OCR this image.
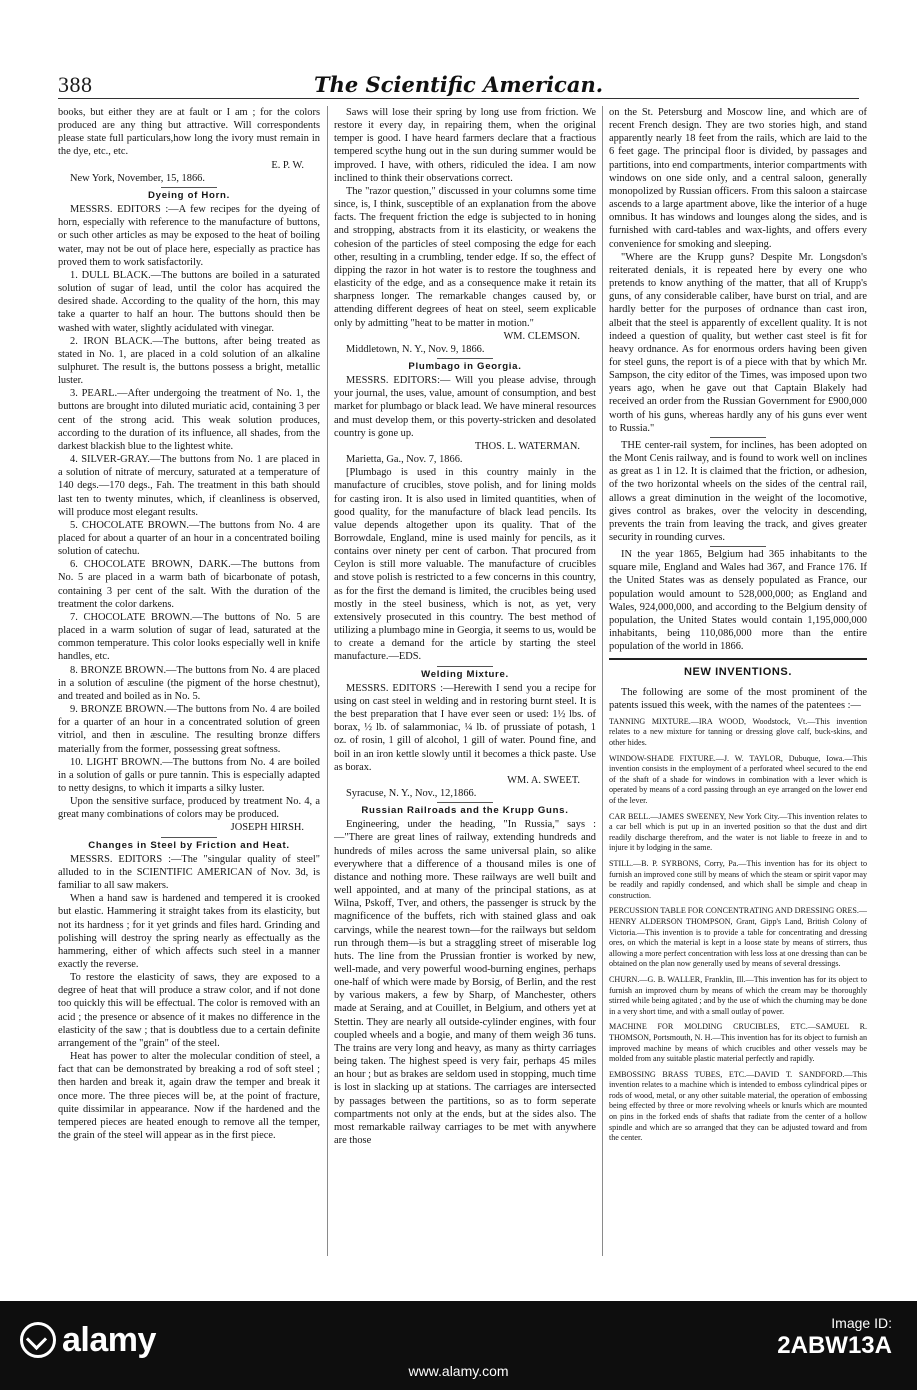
388	The Scientific American.

books, but either they are at fault or I am ; for the colors produced are any thing but attractive. Will correspondents please state full particulars,how long the ivory must remain in the dye, etc., etc.

E. P. W.

New York, November, 15, 1866.

Dyeing of Horn.

MESSRS. EDITORS :—A few recipes for the dyeing of horn, especially with reference to the manufacture of buttons, or such other articles as may be exposed to the heat of boiling water, may not be out of place here, especially as practice has proved them to work satisfactorily.

1. DULL BLACK.—The buttons are boiled in a saturated solution of sugar of lead, until the color has acquired the desired shade. According to the quality of the horn, this may take a quarter to half an hour. The buttons should then be washed with water, slightly acidulated with vinegar.

2. IRON BLACK.—The buttons, after being treated as stated in No. 1, are placed in a cold solution of an alkaline sulphuret. The result is, the buttons possess a bright, metallic luster.

3. PEARL.—After undergoing the treatment of No. 1, the buttons are brought into diluted muriatic acid, containing 3 per cent of the strong acid. This weak solution produces, according to the duration of its influence, all shades, from the darkest blackish blue to the lightest white.

4. SILVER-GRAY.—The buttons from No. 1 are placed in a solution of nitrate of mercury, saturated at a temperature of 140 degs.—170 degs., Fah. The treatment in this bath should last ten to twenty minutes, which, if cleanliness is observed, will produce most elegant results.

5. CHOCOLATE BROWN.—The buttons from No. 4 are placed for about a quarter of an hour in a concentrated boiling solution of catechu.

6. CHOCOLATE BROWN, DARK.—The buttons from No. 5 are placed in a warm bath of bicarbonate of potash, containing 3 per cent of the salt. With the duration of the treatment the color darkens.

7. CHOCOLATE BROWN.—The buttons of No. 5 are placed in a warm solution of sugar of lead, saturated at the common temperature. This color looks especially well in knife handles, etc.

8. BRONZE BROWN.—The buttons from No. 4 are placed in a solution of æsculine (the pigment of the horse chestnut), and treated and boiled as in No. 5.

9. BRONZE BROWN.—The buttons from No. 4 are boiled for a quarter of an hour in a concentrated solution of green vitriol, and then in æsculine. The resulting bronze differs materially from the former, possessing great softness.

10. LIGHT BROWN.—The buttons from No. 4 are boiled in a solution of galls or pure tannin. This is especially adapted to netty designs, to which it imparts a silky luster.

Upon the sensitive surface, produced by treatment No. 4, a great many combinations of colors may be produced.

JOSEPH HIRSH.

Changes in Steel by Friction and Heat.

MESSRS. EDITORS :—The "singular quality of steel" alluded to in the SCIENTIFIC AMERICAN of Nov. 3d, is familiar to all saw makers.

When a hand saw is hardened and tempered it is crooked but elastic. Hammering it straight takes from its elasticity, but not its hardness ; for it yet grinds and files hard. Grinding and polishing will destroy the spring nearly as effectually as the hammering, either of which affects such steel in a manner exactly the reverse.

To restore the elasticity of saws, they are exposed to a degree of heat that will produce a straw color, and if not done too quickly this will be effectual. The color is removed with an acid ; the presence or absence of it makes no difference in the elasticity of the saw ; that is doubtless due to a certain definite arrangement of the "grain" of the steel.

Heat has power to alter the molecular condition of steel, a fact that can be demonstrated by breaking a rod of soft steel ; then harden and break it, again draw the temper and break it once more. The three pieces will be, at the point of fracture, quite dissimilar in appearance. Now if the hardened and the tempered pieces are heated enough to remove all the temper, the grain of the steel will appear as in the first piece.

Saws will lose their spring by long use from friction. We restore it every day, in repairing them, when the original temper is good. I have heard farmers declare that a fractious tempered scythe hung out in the sun during summer would be improved. I have, with others, ridiculed the idea. I am now inclined to think their observations correct.

The "razor question," discussed in your columns some time since, is, I think, susceptible of an explanation from the above facts. The frequent friction the edge is subjected to in honing and stropping, abstracts from it its elasticity, or weakens the cohesion of the particles of steel composing the edge for each other, resulting in a crumbling, tender edge. If so, the effect of dipping the razor in hot water is to restore the toughness and elasticity of the edge, and as a consequence make it retain its sharpness longer. The remarkable changes caused by, or attending different degrees of heat on steel, seem explicable only by admitting "heat to be matter in motion."

WM. CLEMSON.

Middletown, N. Y., Nov. 9, 1866.

Plumbago in Georgia.

MESSRS. EDITORS:— Will you please advise, through your journal, the uses, value, amount of consumption, and best market for plumbago or black lead. We have mineral resources and must develop them, or this poverty-stricken and desolated country is gone up.

THOS. L. WATERMAN.

Marietta, Ga., Nov. 7, 1866.

[Plumbago is used in this country mainly in the manufacture of crucibles, stove polish, and for lining molds for casting iron. It is also used in limited quantities, when of good quality, for the manufacture of black lead pencils. Its value depends altogether upon its quality. That of the Borrowdale, England, mine is used mainly for pencils, as it contains over ninety per cent of carbon. That procured from Ceylon is still more valuable. The manufacture of crucibles and stove polish is restricted to a few concerns in this country, as for the first the demand is limited, the crucibles being used mostly in the steel business, which is not, as yet, very extensively prosecuted in this country. The best method of utilizing a plumbago mine in Georgia, it seems to us, would be to create a demand for the article by starting the steel manufacture.—EDS.

Welding Mixture.

MESSRS. EDITORS :—Herewith I send you a recipe for using on cast steel in welding and in restoring burnt steel. It is the best preparation that I have ever seen or used: 1½ lbs. of borax, ½ lb. of salammoniac, ¼ lb. of prussiate of potash, 1 oz. of rosin, 1 gill of alcohol, 1 gill of water. Pound fine, and boil in an iron kettle slowly until it becomes a thick paste. Use as borax.

WM. A. SWEET.

Syracuse, N. Y., Nov., 12,1866.

Russian Railroads and the Krupp Guns.

Engineering, under the heading, "In Russia," says : —"There are great lines of railway, extending hundreds and hundreds of miles across the same universal plain, so alike everywhere that a difference of a thousand miles is one of distance and nothing more. These railways are well built and well appointed, and at many of the principal stations, as at Wilna, Pskoff, Tver, and others, the passenger is struck by the magnificence of the buffets, rich with stained glass and oak carvings, while the nearest town—for the railways but seldom run through them—is but a straggling street of miserable log huts. The line from the Prussian frontier is worked by new, well-made, and very powerful wood-burning engines, perhaps one-half of which were made by Borsig, of Berlin, and the rest by various makers, a few by Sharp, of Manchester, others made at Seraing, and at Couillet, in Belgium, and others yet at Stettin. They are nearly all outside-cylinder engines, with four coupled wheels and a bogie, and many of them weigh 36 tuns. The trains are very long and heavy, as many as thirty carriages being taken. The highest speed is very fair, perhaps 45 miles an hour ; but as brakes are seldom used in stopping, much time is lost in slacking up at stations. The carriages are intersected by passages between the partitions, so as to form seperate compartments not only at the ends, but at the sides also. The most remarkable railway carriages to be met with anywhere are those

on the St. Petersburg and Moscow line, and which are of recent French design. They are two stories high, and stand apparently nearly 18 feet from the rails, which are laid to the 6 feet gage. The principal floor is divided, by passages and partitions, into end compartments, interior compartments with windows on one side only, and a central saloon, generally monopolized by Russian officers. From this saloon a staircase ascends to a large apartment above, like the interior of a huge omnibus. It has windows and lounges along the sides, and is furnished with card-tables and wax-lights, and offers every convenience for smoking and sleeping.

"Where are the Krupp guns? Despite Mr. Longsdon's reiterated denials, it is repeated here by every one who pretends to know anything of the matter, that all of Krupp's guns, of any considerable caliber, have burst on trial, and are hardly better for the purposes of ordnance than cast iron, albeit that the steel is apparently of excellent quality. It is not indeed a question of quality, but wether cast steel is fit for heavy ordnance. As for enormous orders having been given for steel guns, the report is of a piece with that by which Mr. Sampson, the city editor of the Times, was imposed upon two years ago, when he gave out that Captain Blakely had received an order from the Russian Government for £900,000 worth of his guns, whereas hardly any of his guns ever went to Russia."

THE center-rail system, for inclines, has been adopted on the Mont Cenis railway, and is found to work well on inclines as great as 1 in 12. It is claimed that the friction, or adhesion, of the two horizontal wheels on the sides of the central rail, allows a great diminution in the weight of the locomotive, gives control as brakes, over the velocity in descending, prevents the train from leaving the track, and gives greater security in rounding curves.

IN the year 1865, Belgium had 365 inhabitants to the square mile, England and Wales had 367, and France 176. If the United States was as densely populated as France, our population would amount to 528,000,000; as England and Wales, 924,000,000, and according to the Belgium density of population, the United States would contain 1,195,000,000 inhabitants, being 110,086,000 more than the entire population of the world in 1866.

NEW INVENTIONS.

The following are some of the most prominent of the patents issued this week, with the names of the patentees :—

TANNING MIXTURE.—IRA WOOD, Woodstock, Vt.—This invention relates to a new mixture for tanning or dressing glove calf, buck-skins, and other hides.

WINDOW-SHADE FIXTURE.—J. W. TAYLOR, Dubuque, Iowa.—This invention consists in the employment of a perforated wheel secured to the end of the shaft of a shade for windows in combination with a lever which is operated by means of a cord passing through an eye arranged on the lower end of the lever.

CAR BELL.—JAMES SWEENEY, New York City.—This invention relates to a car bell which is put up in an inverted position so that the dust and dirt readily discharge therefrom, and the water is not liable to freeze in and to injure it by lodging in the same.

STILL.—B. P. SYRBONS, Corry, Pa.—This invention has for its object to furnish an improved cone still by means of which the steam or spirit vapor may be readily and rapidly condensed, and which shall be simple and cheap in construction.

PERCUSSION TABLE FOR CONCENTRATING AND DRESSING ORES.—HENRY ALDERSON THOMPSON, Grant, Gipp's Land, British Colony of Victoria.—This invention is to provide a table for concentrating and dressing ores, on which the material is kept in a loose state by means of stirrers, thus allowing a more perfect concentration with less loss at one dressing than can be obtained on the plan now generally used by means of several dressings.

CHURN.—G. B. WALLER, Franklin, Ill.—This invention has for its object to furnish an improved churn by means of which the cream may be thoroughly stirred while being agitated ; and by the use of which the churning may be done in a very short time, and with a small outlay of power.

MACHINE FOR MOLDING CRUCIBLES, ETC.—SAMUEL R. THOMSON, Portsmouth, N. H.—This invention has for its object to furnish an improved machine by means of which crucibles and other vessels may be molded from any suitable plastic material perfectly and rapidly.

EMBOSSING BRASS TUBES, ETC.—DAVID T. SANDFORD.—This invention relates to a machine which is intended to emboss cylindrical pipes or rods of wood, metal, or any other suitable material, the operation of embossing being effected by three or more revolving wheels or knurls which are mounted on pins in the forked ends of shafts that radiate from the center of a hollow spindle and which are so arranged that they can be adjusted toward and from the center.

alamy	Image ID:
2ABW13A
www.alamy.com
